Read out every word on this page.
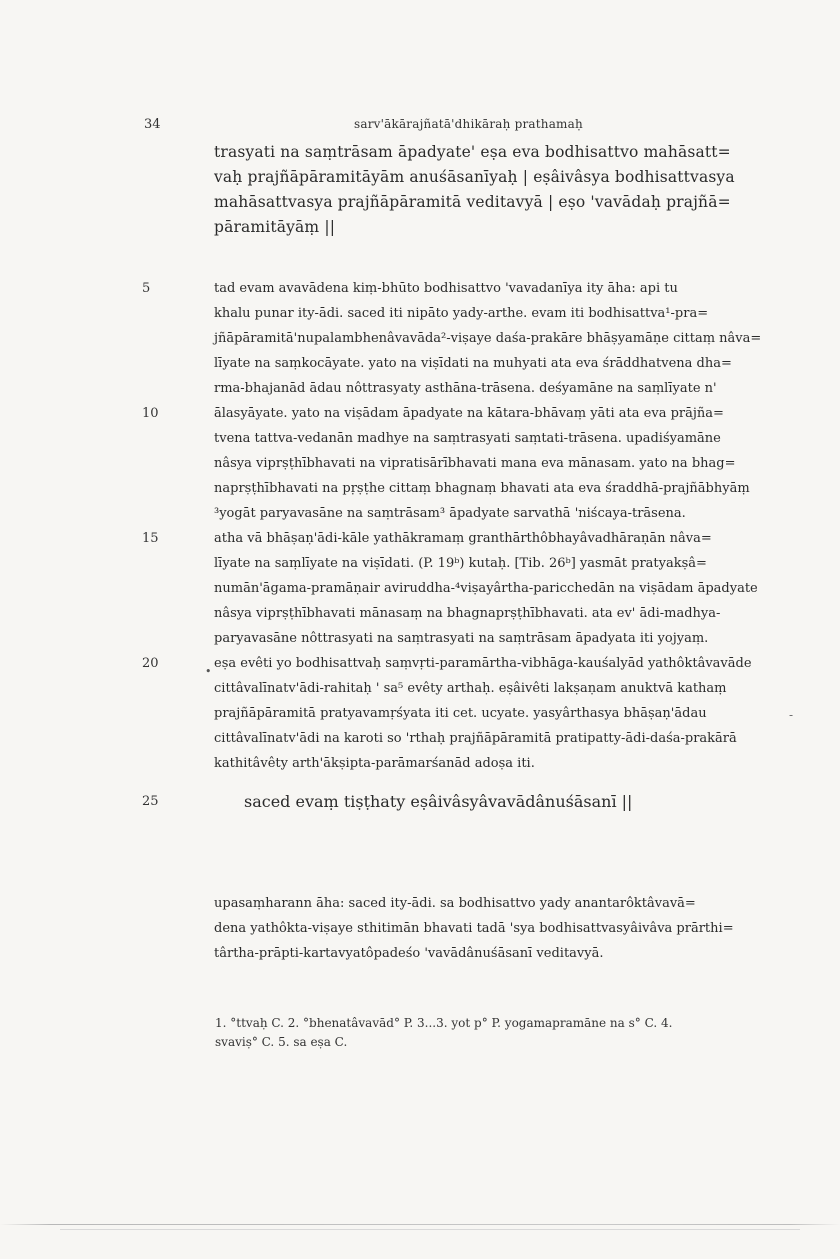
34	sarv'ākārajñatā'dhikāraḥ prathamaḥ
trasyati na saṃtrāsam āpadyate' eṣa eva bodhisattvo mahāsatt=
vaḥ prajñāpāramitāyām anuśāsanīyaḥ | eṣâivâsya bodhisattvasya
mahāsattvasya prajñāpāramitā veditavyā | eṣo 'vavādaḥ prajñā=
pāramitāyāṃ ||
5	tad evam avavādena kiṃ-bhūto bodhisattvo 'vavadanīya ity āha: api tu
khalu punar ity-ādi. saced iti nipāto yady-arthe. evam iti bodhisattva¹-pra=
jñāpāramitā'nupalambhenâvavāda²-viṣaye daśa-prakāre bhāṣyamāṇe cittaṃ nâva=
līyate na saṃkocāyate. yato na viṣīdati na muhyati ata eva śrāddhatvena dha=
rma-bhajanād ādau nôttrasyaty asthāna-trāsena. deśyamāne na saṃlīyate n'
10	ālasyāyate. yato na viṣādam āpadyate na kātara-bhāvaṃ yāti ata eva prājña=
tvena tattva-vedanān madhye na saṃtrasyati saṃtati-trāsena. upadiśyamāne
nâsya viprṣṭhībhavati na vipratisārībhavati mana eva mānasam. yato na bhag=
naprṣṭhībhavati na pṛṣṭhe cittaṃ bhagnaṃ bhavati ata eva śraddhā-prajñābhyāṃ
³yogāt paryavasāne na saṃtrāsam³ āpadyate sarvathā 'niścaya-trāsena.
15	atha vā bhāṣaṇ'ādi-kāle yathākramaṃ granthārthôbhayâvadhāraṇān nâva=
līyate na saṃlīyate na viṣīdati. (P. 19ᵇ) kutaḥ. [Tib. 26ᵇ] yasmāt pratyakṣâ=
numān'āgama-pramāṇair aviruddha-⁴viṣayârtha-paricchedān na viṣādam āpadyate
nâsya viprṣṭhībhavati mānasaṃ na bhagnaprṣṭhībhavati. ata ev' ādi-madhya-
paryavasāne nôttrasyati na saṃtrasyati na saṃtrāsam āpadyata iti yojyaṃ.
20	eṣa evêti yo bodhisattvaḥ saṃvṛti-paramārtha-vibhāga-kauśalyād yathôktâvavāde
cittâvalīnatv'ādi-rahitaḥ ' sa⁵ evêty arthaḥ. eṣâivêti lakṣaṇam anuktvā kathaṃ
prajñāpāramitā pratyavamṛśyata iti cet. ucyate. yasyârthasya bhāṣaṇ'ādau
cittâvalīnatv'ādi na karoti so 'rthaḥ prajñāpāramitā pratipatty-ādi-daśa-prakārā
kathitâvêty arth'ākṣipta-parāmarśanād adoṣa iti.
25	saced evaṃ tiṣṭhaty eṣâivâsyâvavādânuśāsanī ||
upasaṃharann āha: saced ity-ādi. sa bodhisattvo yady anantarôktâvavā=
dena yathôkta-viṣaye sthitimān bhavati tadā 'sya bodhisattvasyâivâva prārthi=
târtha-prāpti-kartavyatôpadeśo 'vavādânuśāsanī veditavyā.
1. °ttvaḥ C. 2. °bhenatâvavād° P. 3...3. yot p° P. yogamapramāne na s° C. 4.
svaviṣ° C. 5. sa eṣa C.
•
-
